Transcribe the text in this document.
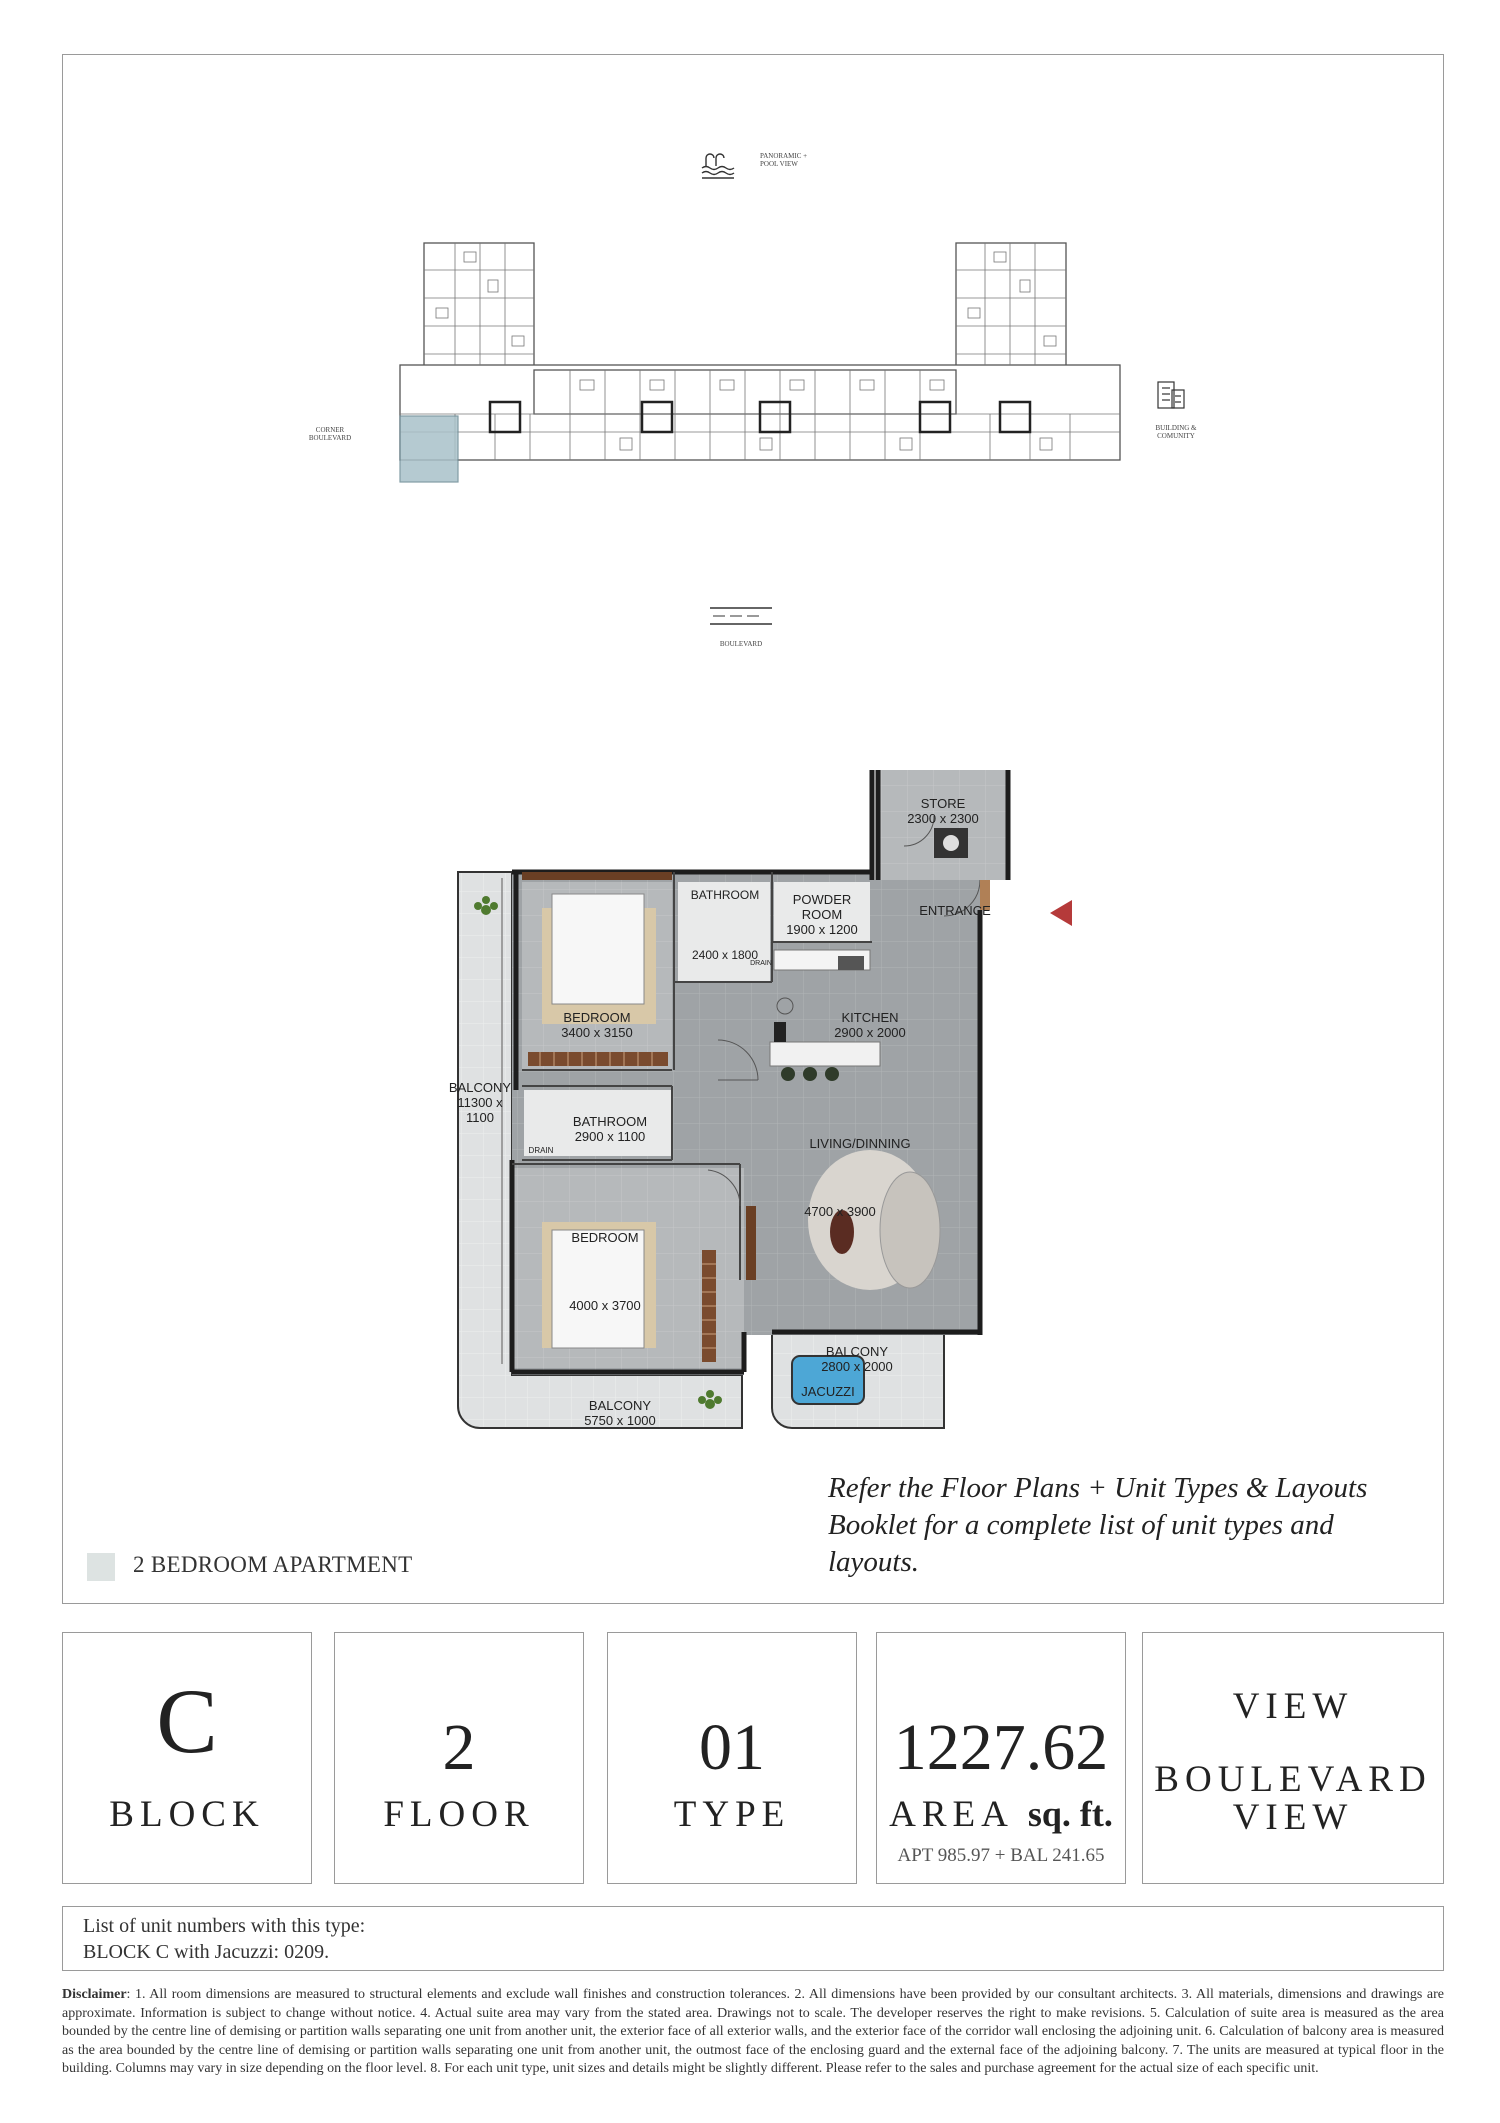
PANORAMIC +
POOL VIEW
CORNER
BOULEVARD
BUILDING &
COMUNITY
BOULEVARD
STORE
2300 x 2300
BATHROOM
2400 x 1800
POWDER
ROOM
1900 x 1200
ENTRANCE
BEDROOM
3400 x 3150
KITCHEN
2900 x 2000
DRAIN
BALCONY
11300 x
1100	BATHROOM
2900 x 1100
DRAIN	LIVING/DINNING
4700 x 3900
BEDROOM
4000 x 3700
BALCONY
2800 x 2000
JACUZZI
BALCONY
5750 x 1000
Refer the Floor Plans + Unit Types & Layouts Booklet for a complete list of unit types and layouts.
2 BEDROOM APARTMENT
C
BLOCK
2
FLOOR
01
TYPE
1227.62
AREA sq. ft.
APT 985.97 + BAL 241.65
VIEW
BOULEVARD
VIEW
List of unit numbers with this type:
BLOCK C with Jacuzzi: 0209.
Disclaimer: 1. All room dimensions are measured to structural elements and exclude wall finishes and construction tolerances. 2. All dimensions have been provided by our consultant architects. 3. All materials, dimensions and drawings are approximate. Information is subject to change without notice. 4. Actual suite area may vary from the stated area. Drawings not to scale. The developer reserves the right to make revisions. 5. Calculation of suite area is measured as the area bounded by the centre line of demising or partition walls separating one unit from another unit, the exterior face of all exterior walls, and the exterior face of the corridor wall enclosing the adjoining unit. 6. Calculation of balcony area is measured as the area bounded by the centre line of demising or partition walls separating one unit from another unit, the outmost face of the enclosing guard and the external face of the adjoining balcony. 7. The units are measured at typical floor in the building. Columns may vary in size depending on the floor level. 8. For each unit type, unit sizes and details might be slightly different. Please refer to the sales and purchase agreement for the actual size of each specific unit.
